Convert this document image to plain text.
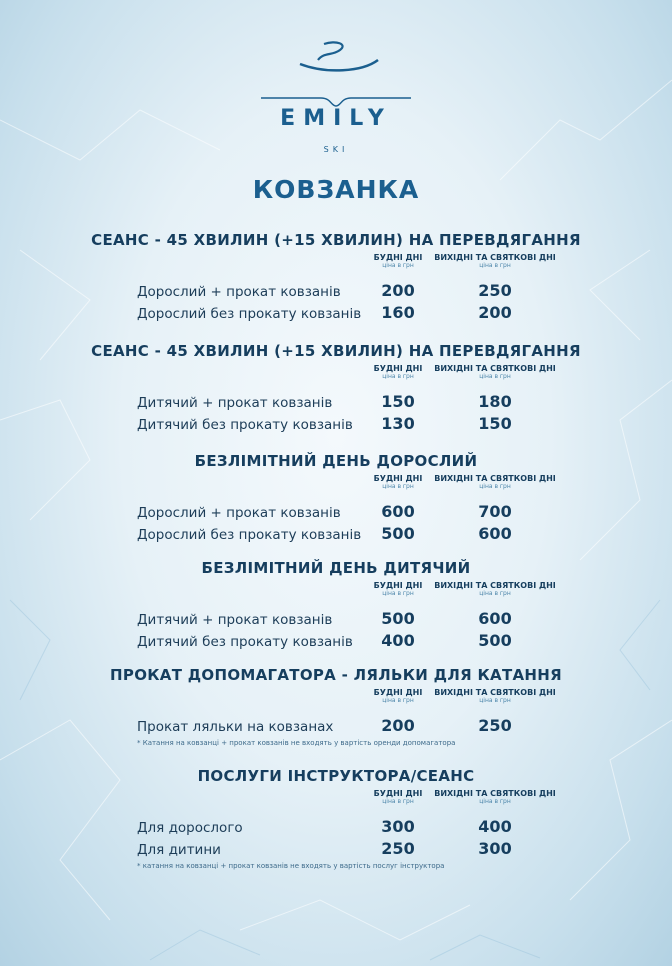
EMILY
SKI
КОВЗАНКА
СЕАНС - 45 ХВИЛИН (+15 ХВИЛИН) НА ПЕРЕВДЯГАННЯ
БУДНІ ДНІ
ціна в грн
ВИХІДНІ ТА СВЯТКОВІ ДНІ
ціна в грн
Дорослий + прокат ковзанів	200	250
Дорослий без прокату ковзанів	160	200
СЕАНС - 45 ХВИЛИН (+15 ХВИЛИН) НА ПЕРЕВДЯГАННЯ
БУДНІ ДНІ
ціна в грн
ВИХІДНІ ТА СВЯТКОВІ ДНІ
ціна в грн
Дитячий + прокат ковзанів	150	180
Дитячий без прокату ковзанів	130	150
БЕЗЛІМІТНИЙ ДЕНЬ ДОРОСЛИЙ
БУДНІ ДНІ
ціна в грн
ВИХІДНІ ТА СВЯТКОВІ ДНІ
ціна в грн
Дорослий + прокат ковзанів	600	700
Дорослий без прокату ковзанів	500	600
БЕЗЛІМІТНИЙ ДЕНЬ ДИТЯЧИЙ
БУДНІ ДНІ
ціна в грн
ВИХІДНІ ТА СВЯТКОВІ ДНІ
ціна в грн
Дитячий + прокат ковзанів	500	600
Дитячий без прокату ковзанів	400	500
ПРОКАТ ДОПОМАГАТОРА - ЛЯЛЬКИ ДЛЯ КАТАННЯ
БУДНІ ДНІ
ціна в грн
ВИХІДНІ ТА СВЯТКОВІ ДНІ
ціна в грн
Прокат ляльки на ковзанах	200	250
* Катання на ковзанці + прокат ковзанів не входять у вартість оренди допомагатора
ПОСЛУГИ ІНСТРУКТОРА/СЕАНС
БУДНІ ДНІ
ціна в грн
ВИХІДНІ ТА СВЯТКОВІ ДНІ
ціна в грн
Для дорослого	300	400
Для дитини	250	300
* катання на ковзанці + прокат ковзанів не входять у вартість послуг інструктора
